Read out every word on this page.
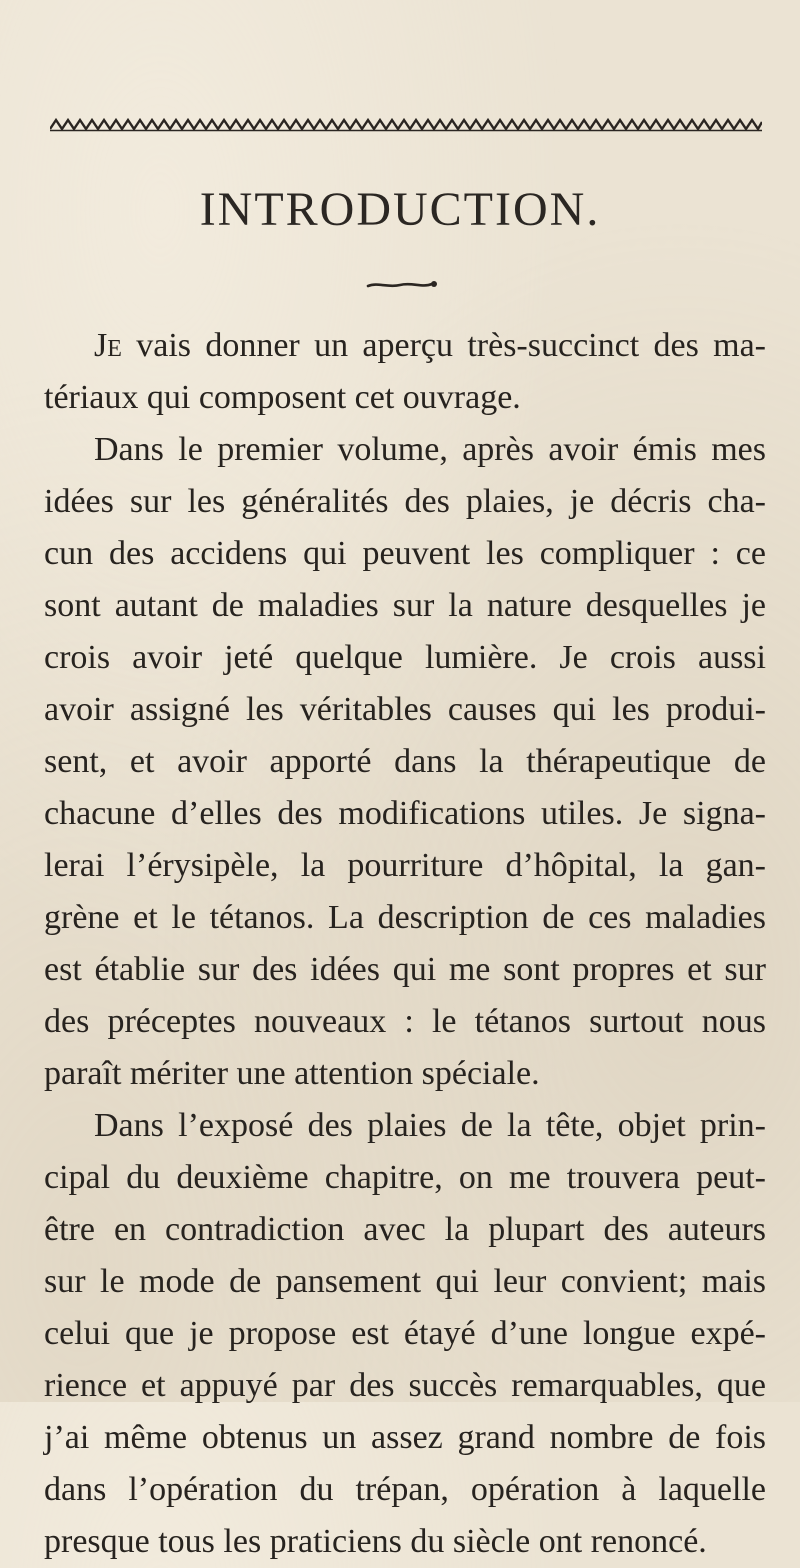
INTRODUCTION.
Je vais donner un aperçu très-succinct des ma-
tériaux qui composent cet ouvrage.
Dans le premier volume, après avoir émis mes
idées sur les généralités des plaies, je décris cha-
cun des accidens qui peuvent les compliquer : ce
sont autant de maladies sur la nature desquelles je
crois avoir jeté quelque lumière. Je crois aussi
avoir assigné les véritables causes qui les produi-
sent, et avoir apporté dans la thérapeutique de
chacune d’elles des modifications utiles. Je signa-
lerai l’érysipèle, la pourriture d’hôpital, la gan-
grène et le tétanos. La description de ces maladies
est établie sur des idées qui me sont propres et sur
des préceptes nouveaux : le tétanos surtout nous
paraît mériter une attention spéciale.
Dans l’exposé des plaies de la tête, objet prin-
cipal du deuxième chapitre, on me trouvera peut-
être en contradiction avec la plupart des auteurs
sur le mode de pansement qui leur convient; mais
celui que je propose est étayé d’une longue expé-
rience et appuyé par des succès remarquables, que
j’ai même obtenus un assez grand nombre de fois
dans l’opération du trépan, opération à laquelle
presque tous les praticiens du siècle ont renoncé.
